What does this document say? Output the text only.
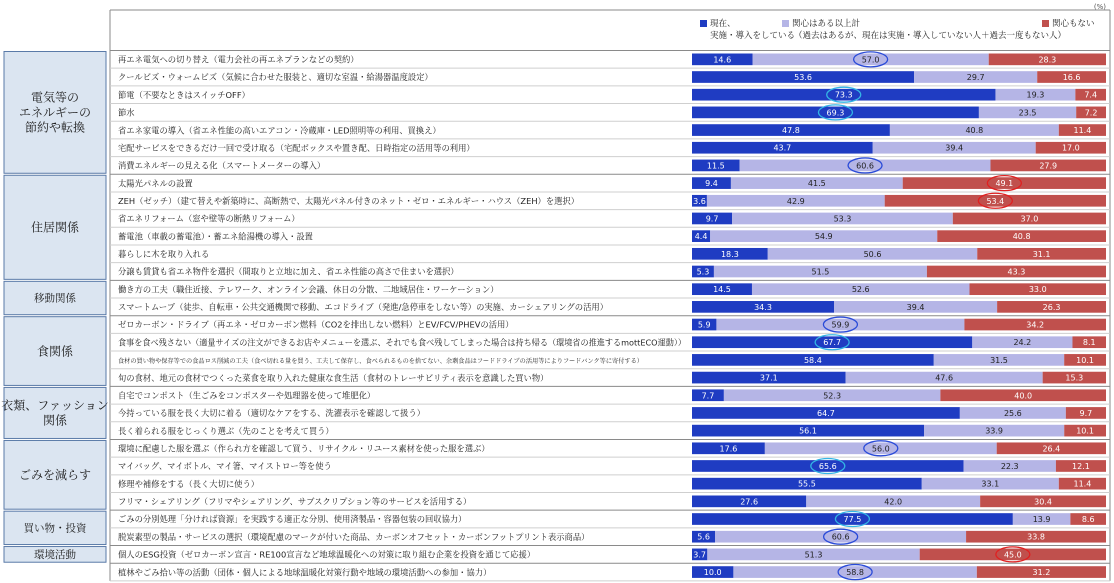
(%)
現在、
実施・導入をしている
関心はある以上計
（過去はあるが、現在は実施・導入していない人＋過去一度もない人）
関心もない
電気等の
エネルギーの
節約や転換
住居関係
移動関係
食関係
衣類、ファッション
関係
ごみを減らす
買い物・投資
環境活動
再エネ電気への切り替え（電力会社の再エネプランなどの契約）	14.6	57.0	28.3
クールビズ・ウォームビズ（気候に合わせた服装と、適切な室温・給湯器温度設定）	53.6	29.7	16.6
節電（不要なときはスイッチOFF）	73.3	19.3	7.4
節水	69.3	23.5	7.2
省エネ家電の導入（省エネ性能の高いエアコン・冷蔵庫・LED照明等の利用、買換え）	47.8	40.8	11.4
宅配サービスをできるだけ一回で受け取る（宅配ボックスや置き配、日時指定の活用等の利用）	43.7	39.4	17.0
消費エネルギーの見える化（スマートメーターの導入）	11.5	60.6	27.9
太陽光パネルの設置	9.4	41.5	49.1
ZEH（ゼッチ）（建て替えや新築時に、高断熱で、太陽光パネル付きのネット・ゼロ・エネルギー・ハウス（ZEH）を選択）	3.6	42.9	53.4
省エネリフォーム（窓や壁等の断熱リフォーム）	9.7	53.3	37.0
蓄電池（車載の蓄電池）・蓄エネ給湯機の導入・設置	4.4	54.9	40.8
暮らしに木を取り入れる	18.3	50.6	31.1
分譲も賃貸も省エネ物件を選択（間取りと立地に加え、省エネ性能の高さで住まいを選択）	5.3	51.5	43.3
働き方の工夫（職住近接、テレワーク、オンライン会議、休日の分散、二地域居住・ワーケーション）	14.5	52.6	33.0
スマートムーブ（徒歩、自転車・公共交通機関で移動、エコドライブ（発進/急停車をしない等）の実施、カーシェアリングの活用）	34.3	39.4	26.3
ゼロカーボン・ドライブ（再エネ・ゼロカーボン燃料（CO2を排出しない燃料）とEV/FCV/PHEVの活用）	5.9	59.9	34.2
食事を食べ残さない（適量サイズの注文ができるお店やメニューを選ぶ、それでも食べ残してしまった場合は持ち帰る（環境省の推進するmottECO運動））	67.7	24.2	8.1
食材の買い物や保存等での食品ロス削減の工夫（食べ切れる量を買う、工夫して保存し、食べられるものを捨てない、余剰食品はフードドライブの活用等によりフードバンク等に寄付する）	58.4	31.5	10.1
旬の食材、地元の食材でつくった菜食を取り入れた健康な食生活（食材のトレーサビリティ表示を意識した買い物）	37.1	47.6	15.3
自宅でコンポスト（生ごみをコンポスターや処理器を使って堆肥化）	7.7	52.3	40.0
今持っている服を長く大切に着る（適切なケアをする、洗濯表示を確認して扱う）	64.7	25.6	9.7
長く着られる服をじっくり選ぶ（先のことを考えて買う）	56.1	33.9	10.1
環境に配慮した服を選ぶ（作られ方を確認して買う、リサイクル・リユース素材を使った服を選ぶ）	17.6	56.0	26.4
マイバッグ、マイボトル、マイ箸、マイストロー等を使う	65.6	22.3	12.1
修理や補修をする（長く大切に使う）	55.5	33.1	11.4
フリマ・シェアリング（フリマやシェアリング、サブスクリプション等のサービスを活用する）	27.6	42.0	30.4
ごみの分別処理「分ければ資源」を実践する適正な分別、使用済製品・容器包装の回収協力）	77.5	13.9	8.6
脱炭素型の製品・サービスの選択（環境配慮のマークが付いた商品、カーボンオフセット・カーボンフットプリント表示商品）	5.6	60.6	33.8
個人のESG投資（ゼロカーボン宣言・RE100宣言など地球温暖化への対策に取り組む企業を投資を通じて応援）	3.7	51.3	45.0
植林やごみ拾い等の活動（団体・個人による地球温暖化対策行動や地域の環境活動への参加・協力）	10.0	58.8	31.2
